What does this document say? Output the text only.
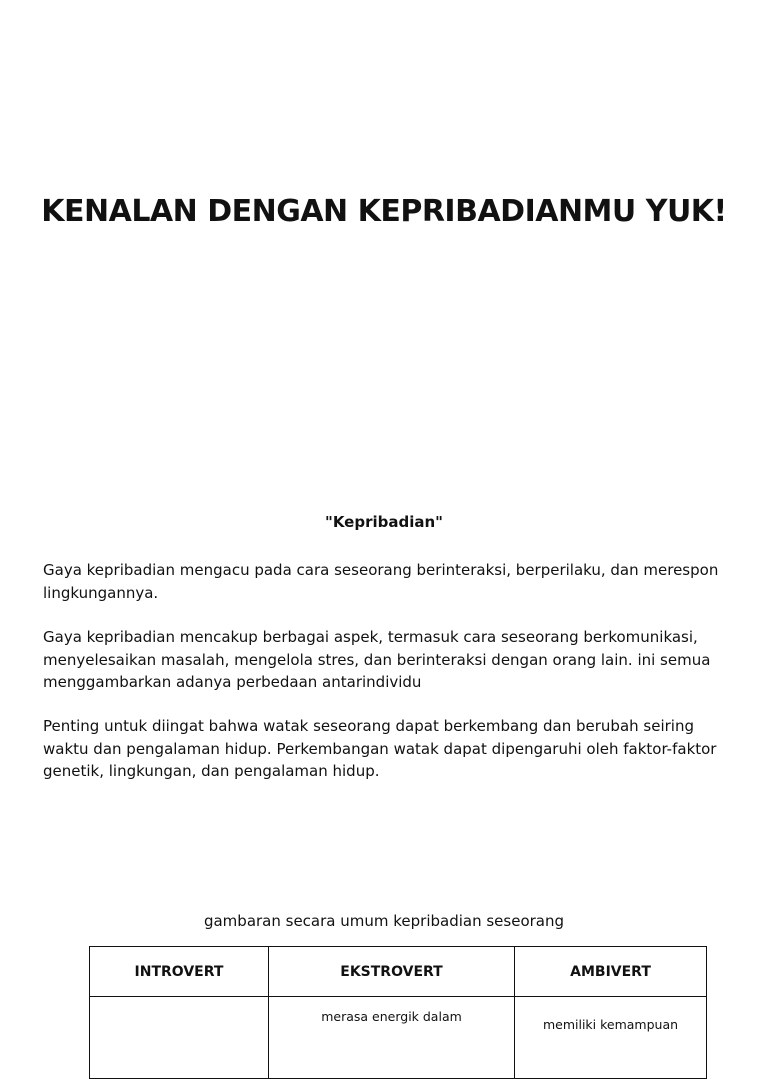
KENALAN DENGAN KEPRIBADIANMU YUK!
"Kepribadian"

Gaya kepribadian mengacu pada cara seseorang berinteraksi, berperilaku, dan merespon lingkungannya.

Gaya kepribadian mencakup berbagai aspek, termasuk cara seseorang berkomunikasi, menyelesaikan masalah, mengelola stres, dan berinteraksi dengan orang lain. ini semua menggambarkan adanya perbedaan antarindividu

Penting untuk diingat bahwa watak seseorang dapat berkembang dan berubah seiring waktu dan pengalaman hidup. Perkembangan watak dapat dipengaruhi oleh faktor-faktor genetik, lingkungan, dan pengalaman hidup.

gambaran secara umum kepribadian seseorang

INTROVERT	EKSTROVERT	AMBIVERT
	merasa energik dalam	memiliki kemampuan
